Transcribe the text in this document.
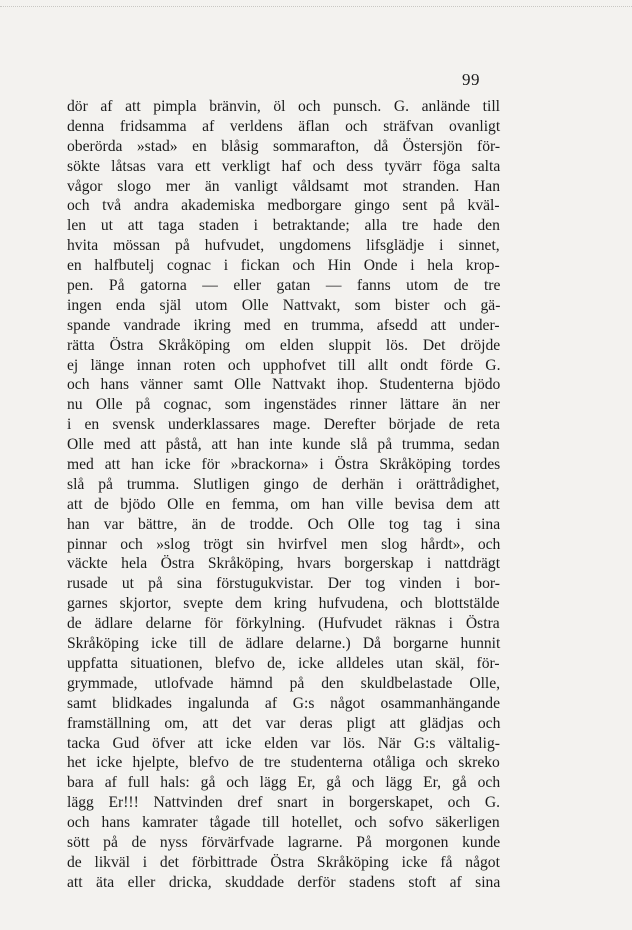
99
dör af att pimpla bränvin, öl och punsch. G. anlände till
denna fridsamma af verldens äflan och sträfvan ovanligt
oberörda »stad» en blåsig sommarafton, då Östersjön för-
sökte låtsas vara ett verkligt haf och dess tyvärr föga salta
vågor slogo mer än vanligt våldsamt mot stranden. Han
och två andra akademiska medborgare gingo sent på kväl-
len ut att taga staden i betraktande; alla tre hade den
hvita mössan på hufvudet, ungdomens lifsglädje i sinnet,
en halfbutelj cognac i fickan och Hin Onde i hela krop-
pen. På gatorna — eller gatan — fanns utom de tre
ingen enda själ utom Olle Nattvakt, som bister och gä-
spande vandrade ikring med en trumma, afsedd att under-
rätta Östra Skråköping om elden sluppit lös. Det dröjde
ej länge innan roten och upphofvet till allt ondt förde G.
och hans vänner samt Olle Nattvakt ihop. Studenterna bjödo
nu Olle på cognac, som ingenstädes rinner lättare än ner
i en svensk underklassares mage. Derefter började de reta
Olle med att påstå, att han inte kunde slå på trumma, sedan
med att han icke för »brackorna» i Östra Skråköping tordes
slå på trumma. Slutligen gingo de derhän i orättrådighet,
att de bjödo Olle en femma, om han ville bevisa dem att
han var bättre, än de trodde. Och Olle tog tag i sina
pinnar och »slog trögt sin hvirfvel men slog hårdt», och
väckte hela Östra Skråköping, hvars borgerskap i nattdrägt
rusade ut på sina förstugukvistar. Der tog vinden i bor-
garnes skjortor, svepte dem kring hufvudena, och blottstälde
de ädlare delarne för förkylning. (Hufvudet räknas i Östra
Skråköping icke till de ädlare delarne.) Då borgarne hunnit
uppfatta situationen, blefvo de, icke alldeles utan skäl, för-
grymmade, utlofvade hämnd på den skuldbelastade Olle,
samt blidkades ingalunda af G:s något osammanhängande
framställning om, att det var deras pligt att glädjas och
tacka Gud öfver att icke elden var lös. När G:s vältalig-
het icke hjelpte, blefvo de tre studenterna otåliga och skreko
bara af full hals: gå och lägg Er, gå och lägg Er, gå och
lägg Er!!! Nattvinden dref snart in borgerskapet, och G.
och hans kamrater tågade till hotellet, och sofvo säkerligen
sött på de nyss förvärfvade lagrarne. På morgonen kunde
de likväl i det förbittrade Östra Skråköping icke få något
att äta eller dricka, skuddade derför stadens stoft af sina
